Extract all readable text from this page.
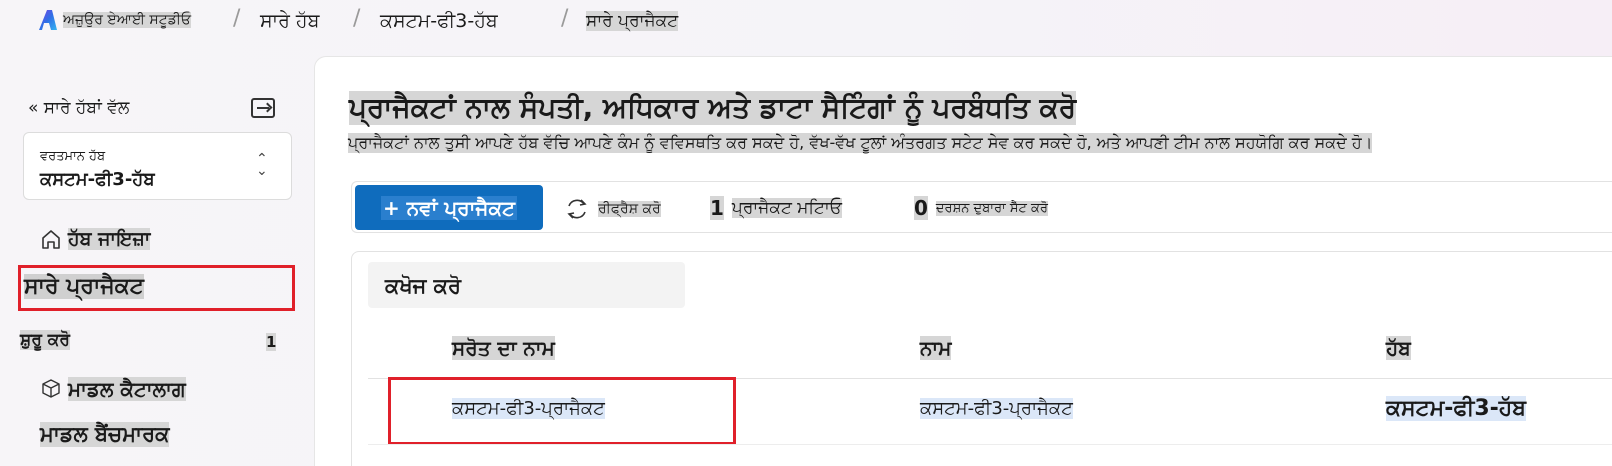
ਅਜ਼ੁਉਰ ਏਆਈ ਸਟੂਡੀਓ / ਸਾਰੇ ਹੱਬ / ਕਸਟਮ-ਫੀ3-ਹੱਬ	/ ਸਾਰੇ ਪ੍ਰਾਜੈਕਟ
« ਸਾਰੇ ਹੱਬਾਂ ਵੱਲ
ਵਰਤਮਾਨ ਹੱਬ
ਕਸਟਮ-ਫੀ3-ਹੱਬ
⌃
⌄
ਹੱਬ ਜਾਇਜ਼ਾ
ਸਾਰੇ ਪ੍ਰਾਜੈਕਟ
ਸ਼ੁਰੂ ਕਰੋ	1
ਮਾਡਲ ਕੈਟਾਲਾਗ
ਮਾਡਲ ਬੈਂਚਮਾਰਕ
ਪ੍ਰਾਜੈਕਟਾਂ ਨਾਲ ਸੰਪਤੀ, ਅਧਿਕਾਰ ਅਤੇ ਡਾਟਾ ਸੈਟਿੰਗਾਂ ਨੂੰ ਪਰਬੰਧਤਿ ਕਰੋ

ਪ੍ਰਾਜੈਕਟਾਂ ਨਾਲ ਤੁਸੀ ਆਪਣੇ ਹੱਬ ਵੱਚਿ ਆਪਣੇ ਕੰਮ ਨੂੰ ਵਵਿਸਥਤਿ ਕਰ ਸਕਦੇ ਹੋ, ਵੱਖ-ਵੱਖ ਟੂਲਾਂ ਅੰਤਰਗਤ ਸਟੇਟ ਸੇਵ ਕਰ ਸਕਦੇ ਹੋ, ਅਤੇ ਆਪਣੀ ਟੀਮ ਨਾਲ ਸਹਯੋਗਿ ਕਰ ਸਕਦੇ ਹੋ।

+ ਨਵਾਂ ਪ੍ਰਾਜੈਕਟ	ਰੀਫ੍ਰੈਸ਼ ਕਰੋ 1 ਪ੍ਰਾਜੈਕਟ ਮਟਿਾਓ	0 ਦਰਸ਼ਨ ਦੁਬਾਰਾ ਸੈੱਟ ਕਰੋ
ਕਖੋਜ ਕਰੋ
ਸਰੋਤ ਦਾ ਨਾਮ	ਨਾਮ	ਹੱਬ
ਕਸਟਮ-ਫੀ3-ਪ੍ਰਾਜੈਕਟ	ਕਸਟਮ-ਫੀ3-ਪ੍ਰਾਜੈਕਟ	ਕਸਟਮ-ਫੀ3-ਹੱਬ
